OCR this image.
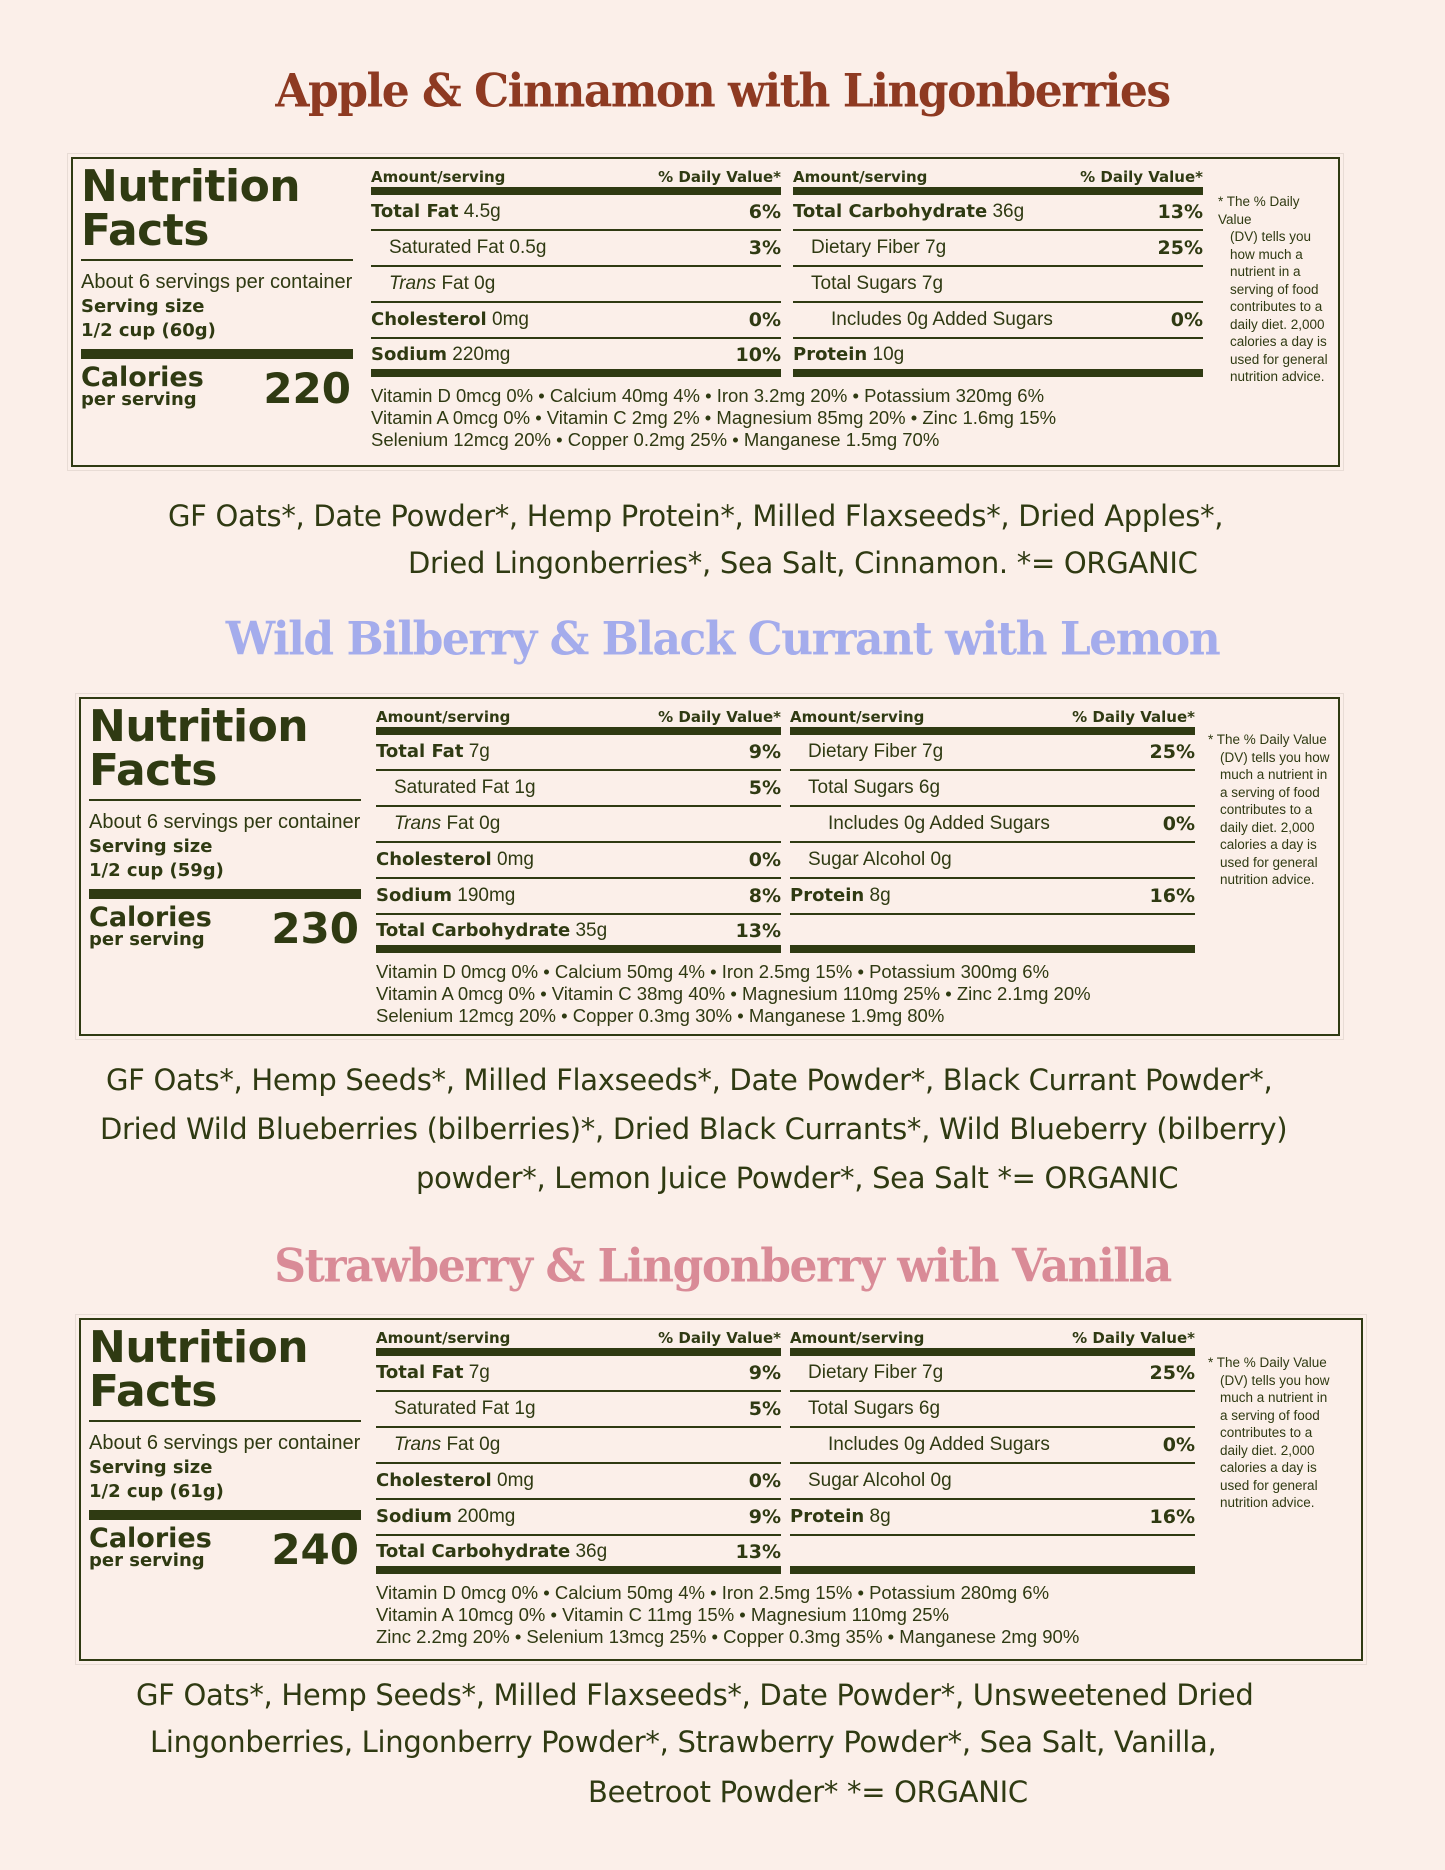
Apple & Cinnamon with Lingonberries
Nutrition Facts
About 6 servings per container
Serving size
1/2 cup (60g)
Calories
per serving	220
Amount/serving	% Daily Value*
Total Fat 4.5g	6%
Saturated Fat 0.5g	3%
Trans Fat 0g
Cholesterol 0mg	0%
Sodium 220mg	10%
Amount/serving	% Daily Value*
Total Carbohydrate 36g	13%
Dietary Fiber 7g	25%
Total Sugars 7g
Includes 0g Added Sugars	0%
Protein 10g
Vitamin D 0mcg 0% • Calcium 40mg 4% • Iron 3.2mg 20% • Potassium 320mg 6%
Vitamin A 0mcg 0% • Vitamin C 2mg 2% • Magnesium 85mg 20% • Zinc 1.6mg 15%
Selenium 12mcg 20% • Copper 0.2mg 25% • Manganese 1.5mg 70%
* The % Daily Value
(DV) tells you how much a nutrient in a serving of food contributes to a daily diet. 2,000 calories a day is used for general nutrition advice.
GF Oats*, Date Powder*, Hemp Protein*, Milled Flaxseeds*, Dried Apples*,
Dried Lingonberries*, Sea Salt, Cinnamon. *= ORGANIC
Wild Bilberry & Black Currant with Lemon
Nutrition Facts
About 6 servings per container
Serving size
1/2 cup (59g)
Calories
per serving	230
Amount/serving	% Daily Value*
Total Fat 7g	9%
Saturated Fat 1g	5%
Trans Fat 0g
Cholesterol 0mg	0%
Sodium 190mg	8%
Total Carbohydrate 35g	13%
Amount/serving	% Daily Value*
Dietary Fiber 7g	25%
Total Sugars 6g
Includes 0g Added Sugars	0%
Sugar Alcohol 0g
Protein 8g	16%
Vitamin D 0mcg 0% • Calcium 50mg 4% • Iron 2.5mg 15% • Potassium 300mg 6%
Vitamin A 0mcg 0% • Vitamin C 38mg 40% • Magnesium 110mg 25% • Zinc 2.1mg 20%
Selenium 12mcg 20% • Copper 0.3mg 30% • Manganese 1.9mg 80%
* The % Daily Value
(DV) tells you how much a nutrient in a serving of food contributes to a daily diet. 2,000 calories a day is used for general nutrition advice.
GF Oats*, Hemp Seeds*, Milled Flaxseeds*, Date Powder*, Black Currant Powder*,
Dried Wild Blueberries (bilberries)*, Dried Black Currants*, Wild Blueberry (bilberry)
powder*, Lemon Juice Powder*, Sea Salt *= ORGANIC
Strawberry & Lingonberry with Vanilla
Nutrition Facts
About 6 servings per container
Serving size
1/2 cup (61g)
Calories
per serving	240
Amount/serving	% Daily Value*
Total Fat 7g	9%
Saturated Fat 1g	5%
Trans Fat 0g
Cholesterol 0mg	0%
Sodium 200mg	9%
Total Carbohydrate 36g	13%
Amount/serving	% Daily Value*
Dietary Fiber 7g	25%
Total Sugars 6g
Includes 0g Added Sugars	0%
Sugar Alcohol 0g
Protein 8g	16%
Vitamin D 0mcg 0% • Calcium 50mg 4% • Iron 2.5mg 15% • Potassium 280mg 6%
Vitamin A 10mcg 0% • Vitamin C 11mg 15% • Magnesium 110mg 25%
Zinc 2.2mg 20% • Selenium 13mcg 25% • Copper 0.3mg 35% • Manganese 2mg 90%
* The % Daily Value
(DV) tells you how much a nutrient in a serving of food contributes to a daily diet. 2,000 calories a day is used for general nutrition advice.
GF Oats*, Hemp Seeds*, Milled Flaxseeds*, Date Powder*, Unsweetened Dried
Lingonberries, Lingonberry Powder*, Strawberry Powder*, Sea Salt, Vanilla,
Beetroot Powder* *= ORGANIC
